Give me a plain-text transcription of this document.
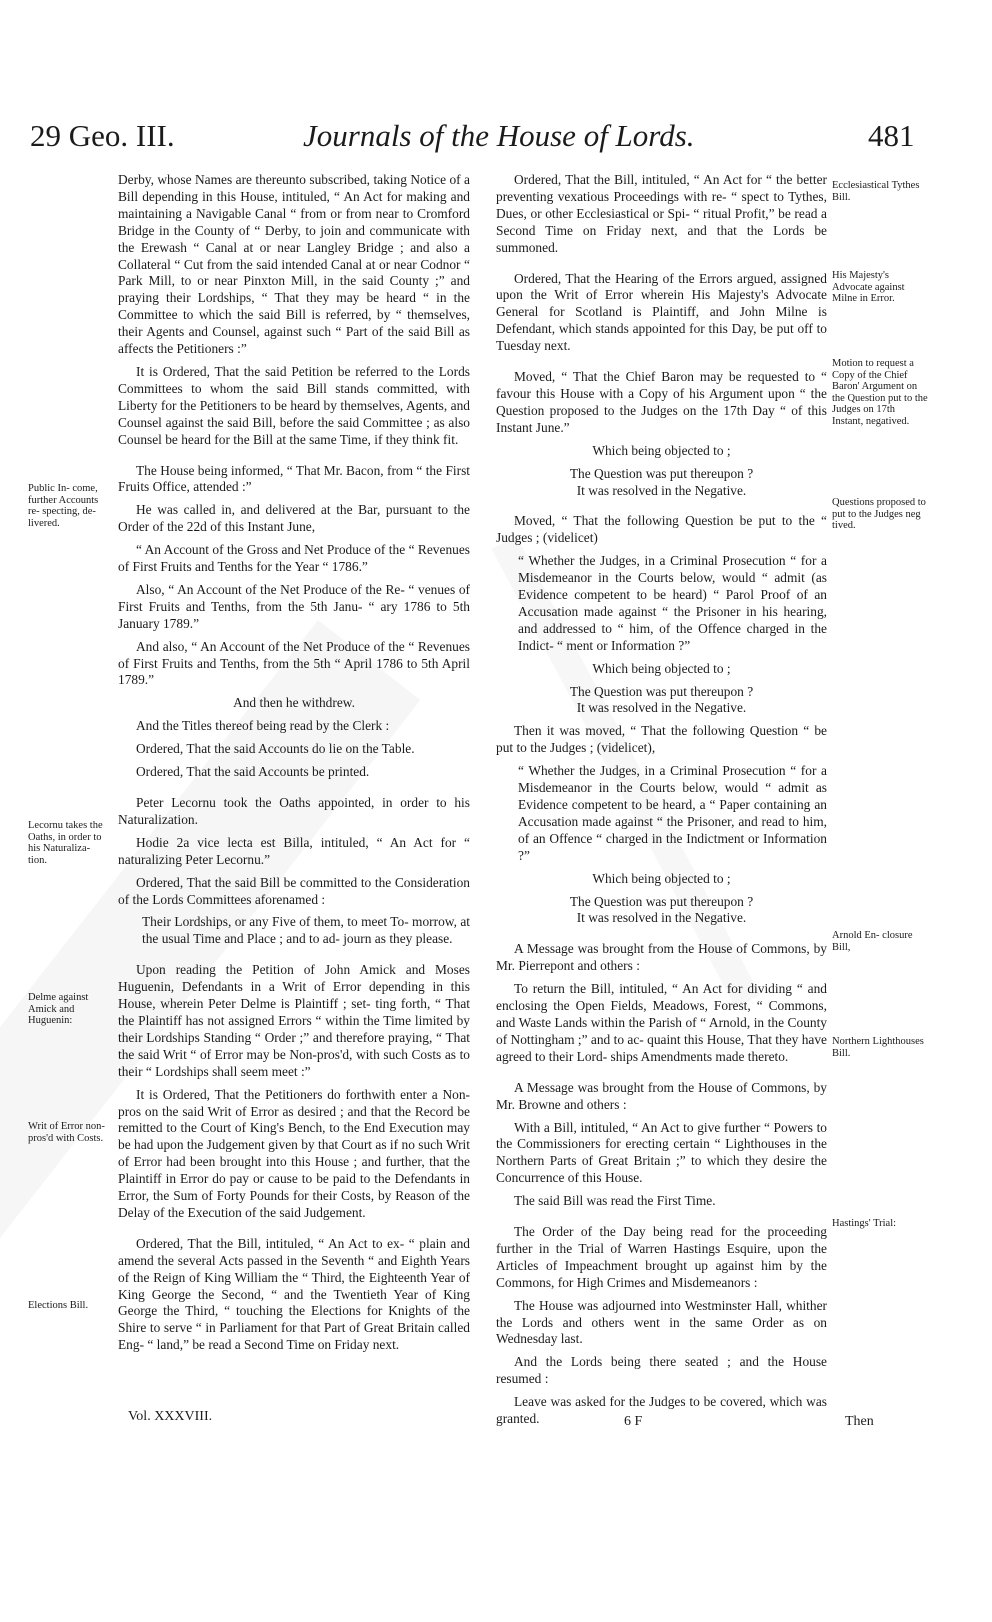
29 Geo. III.	Journals of the House of Lords.	481

Derby, whose Names are thereunto subscribed, taking Notice of a Bill depending in this House, intituled, “ An Act for making and maintaining a Navigable Canal “ from or from near to Cromford Bridge in the County of “ Derby, to join and communicate with the Erewash “ Canal at or near Langley Bridge ; and also a Collateral “ Cut from the said intended Canal at or near Codnor “ Park Mill, to or near Pinxton Mill, in the said County ;” and praying their Lordships, “ That they may be heard “ in the Committee to which the said Bill is referred, by “ themselves, their Agents and Counsel, against such “ Part of the said Bill as affects the Petitioners :”

It is Ordered, That the said Petition be referred to the Lords Committees to whom the said Bill stands committed, with Liberty for the Petitioners to be heard by themselves, Agents, and Counsel against the said Bill, before the said Committee ; as also Counsel be heard for the Bill at the same Time, if they think fit.

The House being informed, “ That Mr. Bacon, from “ the First Fruits Office, attended :”

He was called in, and delivered at the Bar, pursuant to the Order of the 22d of this Instant June,

“ An Account of the Gross and Net Produce of the “ Revenues of First Fruits and Tenths for the Year “ 1786.”

Also, “ An Account of the Net Produce of the Re- “ venues of First Fruits and Tenths, from the 5th Janu- “ ary 1786 to 5th January 1789.”

And also, “ An Account of the Net Produce of the “ Revenues of First Fruits and Tenths, from the 5th “ April 1786 to 5th April 1789.”

And then he withdrew.

And the Titles thereof being read by the Clerk :

Ordered, That the said Accounts do lie on the Table.

Ordered, That the said Accounts be printed.

Peter Lecornu took the Oaths appointed, in order to his Naturalization.

Hodie 2a vice lecta est Billa, intituled, “ An Act for “ naturalizing Peter Lecornu.”

Ordered, That the said Bill be committed to the Consideration of the Lords Committees aforenamed :

Their Lordships, or any Five of them, to meet To- morrow, at the usual Time and Place ; and to ad- journ as they please.

Upon reading the Petition of John Amick and Moses Huguenin, Defendants in a Writ of Error depending in this House, wherein Peter Delme is Plaintiff ; set- ting forth, “ That the Plaintiff has not assigned Errors “ within the Time limited by their Lordships Standing “ Order ;” and therefore praying, “ That the said Writ “ of Error may be Non-pros'd, with such Costs as to their “ Lordships shall seem meet :”

It is Ordered, That the Petitioners do forthwith enter a Non-pros on the said Writ of Error as desired ; and that the Record be remitted to the Court of King's Bench, to the End Execution may be had upon the Judgement given by that Court as if no such Writ of Error had been brought into this House ; and further, that the Plaintiff in Error do pay or cause to be paid to the Defendants in Error, the Sum of Forty Pounds for their Costs, by Reason of the Delay of the Execution of the said Judgement.

Ordered, That the Bill, intituled, “ An Act to ex- “ plain and amend the several Acts passed in the Seventh “ and Eighth Years of the Reign of King William the “ Third, the Eighteenth Year of King George the Second, “ and the Twentieth Year of King George the Third, “ touching the Elections for Knights of the Shire to serve “ in Parliament for that Part of Great Britain called Eng- “ land,” be read a Second Time on Friday next.

Ordered, That the Bill, intituled, “ An Act for “ the better preventing vexatious Proceedings with re- “ spect to Tythes, Dues, or other Ecclesiastical or Spi- “ ritual Profit,” be read a Second Time on Friday next, and that the Lords be summoned.

Ordered, That the Hearing of the Errors argued, assigned upon the Writ of Error wherein His Majesty's Advocate General for Scotland is Plaintiff, and John Milne is Defendant, which stands appointed for this Day, be put off to Tuesday next.

Moved, “ That the Chief Baron may be requested to “ favour this House with a Copy of his Argument upon “ the Question proposed to the Judges on the 17th Day “ of this Instant June.”

Which being objected to ;

The Question was put thereupon ?

It was resolved in the Negative.

Moved, “ That the following Question be put to the “ Judges ; (videlicet)

“ Whether the Judges, in a Criminal Prosecution “ for a Misdemeanor in the Courts below, would “ admit (as Evidence competent to be heard) “ Parol Proof of an Accusation made against “ the Prisoner in his hearing, and addressed to “ him, of the Offence charged in the Indict- “ ment or Information ?”

Which being objected to ;

The Question was put thereupon ?

It was resolved in the Negative.

Then it was moved, “ That the following Question “ be put to the Judges ; (videlicet),

“ Whether the Judges, in a Criminal Prosecution “ for a Misdemeanor in the Courts below, would “ admit as Evidence competent to be heard, a “ Paper containing an Accusation made against “ the Prisoner, and read to him, of an Offence “ charged in the Indictment or Information ?”

Which being objected to ;

The Question was put thereupon ?

It was resolved in the Negative.

A Message was brought from the House of Commons, by Mr. Pierrepont and others :

To return the Bill, intituled, “ An Act for dividing “ and enclosing the Open Fields, Meadows, Forest, “ Commons, and Waste Lands within the Parish of “ Arnold, in the County of Nottingham ;” and to ac- quaint this House, That they have agreed to their Lord- ships Amendments made thereto.

A Message was brought from the House of Commons, by Mr. Browne and others :

With a Bill, intituled, “ An Act to give further “ Powers to the Commissioners for erecting certain “ Lighthouses in the Northern Parts of Great Britain ;” to which they desire the Concurrence of this House.

The said Bill was read the First Time.

The Order of the Day being read for the proceeding further in the Trial of Warren Hastings Esquire, upon the Articles of Impeachment brought up against him by the Commons, for High Crimes and Misdemeanors :

The House was adjourned into Westminster Hall, whither the Lords and others went in the same Order as on Wednesday last.

And the Lords being there seated ; and the House resumed :

Leave was asked for the Judges to be covered, which was granted.

Public In- come, further Accounts re- specting, de- livered.
Lecornu takes the Oaths, in order to his Naturaliza- tion.
Delme against Amick and Huguenin:
Writ of Error non-pros'd with Costs.
Elections Bill.
Ecclesiastical Tythes Bill.
His Majesty's Advocate against Milne in Error.
Motion to request a Copy of the Chief Baron' Argument on the Question put to the Judges on 17th Instant, negatived.
Questions proposed to put to the Judges neg tived.
Arnold En- closure Bill,
Northern Lighthouses Bill.
Hastings' Trial:
Vol. XXXVIII.	6 F	Then
